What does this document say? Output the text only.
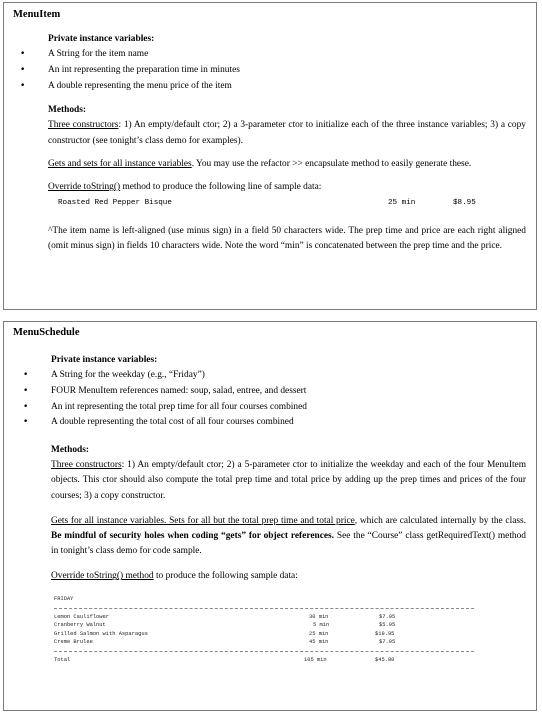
MenuItem
Private instance variables:
• A String for the item name
• An int representing the preparation time in minutes
• A double representing the menu price of the item
Methods:

Three constructors: 1) An empty/default ctor; 2) a 3-parameter ctor to initialize each of the three instance variables; 3) a copy constructor (see tonight’s class demo for examples).

Gets and sets for all instance variables. You may use the refactor >> encapsulate method to easily generate these.

Override toString() method to produce the following line of sample data:

Roasted Red Pepper Bisque	25 min	$8.95

^The item name is left-aligned (use minus sign) in a field 50 characters wide. The prep time and price are each right aligned (omit minus sign) in fields 10 characters wide. Note the word “min” is concatenated between the prep time and the price.

MenuSchedule
Private instance variables:
• A String for the weekday (e.g., “Friday”)
• FOUR MenuItem references named: soup, salad, entree, and dessert
• An int representing the total prep time for all four courses combined
• A double representing the total cost of all four courses combined
Methods:

Three constructors: 1) An empty/default ctor; 2) a 5-parameter ctor to initialize the weekday and each of the four MenuItem objects. This ctor should also compute the total prep time and total price by adding up the prep times and prices of the four courses; 3) a copy constructor.

Gets for all instance variables. Sets for all but the total prep time and total price, which are calculated internally by the class. Be mindful of security holes when coding “gets” for object references. See the “Course” class getRequiredText() method in tonight’s class demo for code sample.

Override toString() method to produce the following sample data:

FRIDAY
Lemon Cauliflower	30 min	$7.95
Cranberry Walnut	5 min	$5.95
Grilled Salmon with Asparagus	25 min	$19.95
Creme Brulee	45 min	$7.95
Total	105 min	$45.80
